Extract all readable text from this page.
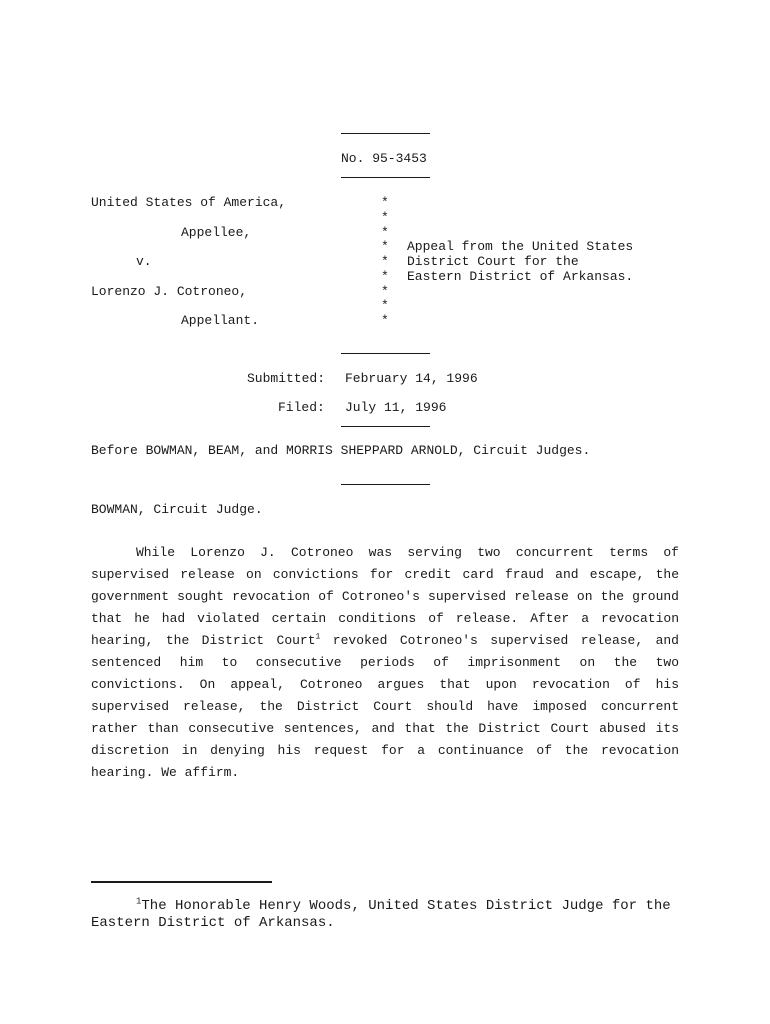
No. 95-3453
United States of America,
Appellee,
v.
Lorenzo J. Cotroneo,
Appellant.
*
*
*
*
*
*
*
*
*
Appeal from the United States
District Court for the
Eastern District of Arkansas.
Submitted: February 14, 1996
Filed: July 11, 1996
Before BOWMAN, BEAM, and MORRIS SHEPPARD ARNOLD, Circuit Judges.
BOWMAN, Circuit Judge.

While Lorenzo J. Cotroneo was serving two concurrent terms of supervised release on convictions for credit card fraud and escape, the government sought revocation of Cotroneo's supervised release on the ground that he had violated certain conditions of release. After a revocation hearing, the District Court$^1$ revoked Cotroneo's supervised release, and sentenced him to consecutive periods of imprisonment on the two convictions. On appeal, Cotroneo argues that upon revocation of his supervised release, the District Court should have imposed concurrent rather than consecutive sentences, and that the District Court abused its discretion in denying his request for a continuance of the revocation hearing. We affirm.

$^1$The Honorable Henry Woods, United States District Judge for the Eastern District of Arkansas.
